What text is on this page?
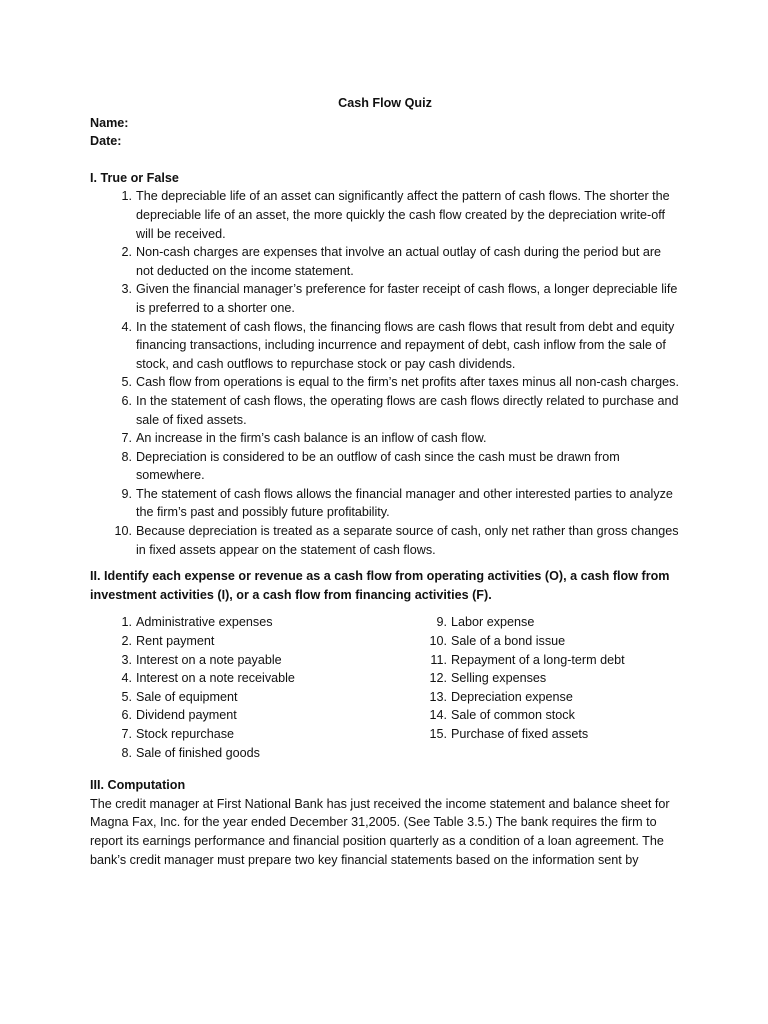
Cash Flow Quiz
Name:
Date:
I. True or False
1. The depreciable life of an asset can significantly affect the pattern of cash flows. The shorter the depreciable life of an asset, the more quickly the cash flow created by the depreciation write-off will be received.
2. Non-cash charges are expenses that involve an actual outlay of cash during the period but are not deducted on the income statement.
3. Given the financial manager’s preference for faster receipt of cash flows, a longer depreciable life is preferred to a shorter one.
4. In the statement of cash flows, the financing flows are cash flows that result from debt and equity financing transactions, including incurrence and repayment of debt, cash inflow from the sale of stock, and cash outflows to repurchase stock or pay cash dividends.
5. Cash flow from operations is equal to the firm’s net profits after taxes minus all non-cash charges.
6. In the statement of cash flows, the operating flows are cash flows directly related to purchase and sale of fixed assets.
7. An increase in the firm’s cash balance is an inflow of cash flow.
8. Depreciation is considered to be an outflow of cash since the cash must be drawn from somewhere.
9. The statement of cash flows allows the financial manager and other interested parties to analyze the firm’s past and possibly future profitability.
10. Because depreciation is treated as a separate source of cash, only net rather than gross changes in fixed assets appear on the statement of cash flows.
II. Identify each expense or revenue as a cash flow from operating activities (O), a cash flow from investment activities (I), or a cash flow from financing activities (F).
1. Administrative expenses
2. Rent payment
3. Interest on a note payable
4. Interest on a note receivable
5. Sale of equipment
6. Dividend payment
7. Stock repurchase
8. Sale of finished goods
9. Labor expense
10. Sale of a bond issue
11. Repayment of a long-term debt
12. Selling expenses
13. Depreciation expense
14. Sale of common stock
15. Purchase of fixed assets
III. Computation

The credit manager at First National Bank has just received the income statement and balance sheet for Magna Fax, Inc. for the year ended December 31,2005. (See Table 3.5.) The bank requires the firm to report its earnings performance and financial position quarterly as a condition of a loan agreement. The bank’s credit manager must prepare two key financial statements based on the information sent by
